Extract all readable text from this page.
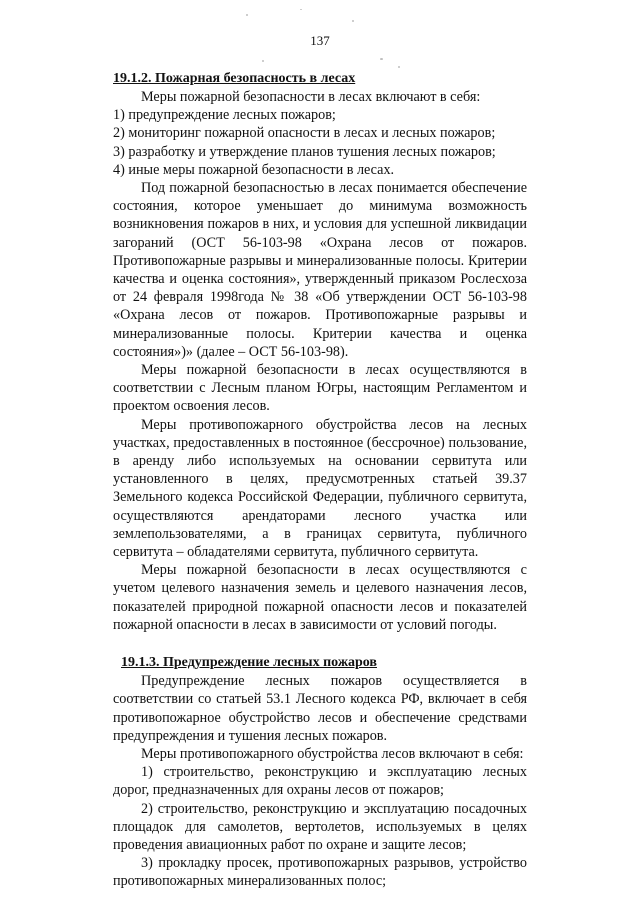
137
19.1.2. Пожарная безопасность в лесах

Меры пожарной безопасности в лесах включают в себя:

1) предупреждение лесных пожаров;

2) мониторинг пожарной опасности в лесах и лесных пожаров;

3) разработку и утверждение планов тушения лесных пожаров;

4) иные меры пожарной безопасности в лесах.

Под пожарной безопасностью в лесах понимается обеспечение состояния, которое уменьшает до минимума возможность возникновения пожаров в них, и условия для успешной ликвидации загораний (ОСТ 56-103-98 «Охрана лесов от пожаров. Противопожарные разрывы и минерализованные полосы. Критерии качества и оценка состояния», утвержденный приказом Рослесхоза от 24 февраля 1998года № 38 «Об утверждении ОСТ 56-103-98 «Охрана лесов от пожаров. Противопожарные разрывы и минерализованные полосы. Критерии качества и оценка состояния»)» (далее – ОСТ 56-103-98).

Меры пожарной безопасности в лесах осуществляются в соответствии с Лесным планом Югры, настоящим Регламентом и проектом освоения лесов.

Меры противопожарного обустройства лесов на лесных участках, предоставленных в постоянное (бессрочное) пользование, в аренду либо используемых на основании сервитута или установленного в целях, предусмотренных статьей 39.37 Земельного кодекса Российской Федерации, публичного сервитута, осуществляются арендаторами лесного участка или землепользователями, а в границах сервитута, публичного сервитута – обладателями сервитута, публичного сервитута.

Меры пожарной безопасности в лесах осуществляются с учетом целевого назначения земель и целевого назначения лесов, показателей природной пожарной опасности лесов и показателей пожарной опасности в лесах в зависимости от условий погоды.

19.1.3. Предупреждение лесных пожаров

Предупреждение лесных пожаров осуществляется в соответствии со статьей 53.1 Лесного кодекса РФ, включает в себя противопожарное обустройство лесов и обеспечение средствами предупреждения и тушения лесных пожаров.

Меры противопожарного обустройства лесов включают в себя:

1) строительство, реконструкцию и эксплуатацию лесных дорог, предназначенных для охраны лесов от пожаров;

2) строительство, реконструкцию и эксплуатацию посадочных площадок для самолетов, вертолетов, используемых в целях проведения авиационных работ по охране и защите лесов;

3) прокладку просек, противопожарных разрывов, устройство противопожарных минерализованных полос;
